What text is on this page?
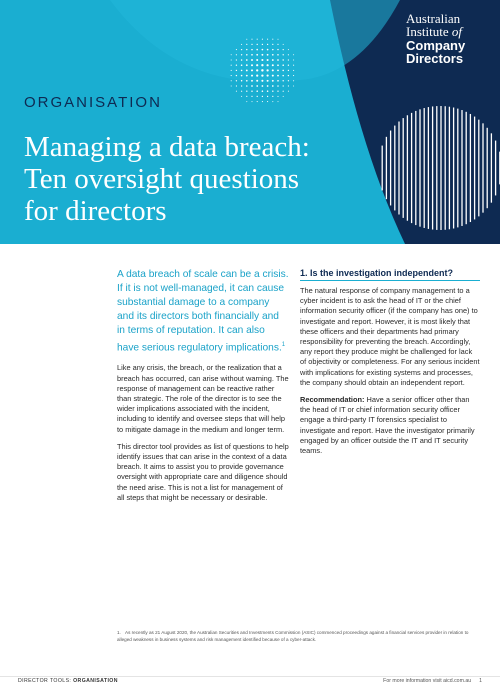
Australian
Institute of
Company
Directors
ORGANISATION
Managing a data breach:
Ten oversight questions
for directors

A data breach of scale can be a crisis. If it is not well-managed, it can cause substantial damage to a company and its directors both financially and in terms of reputation. It can also have serious regulatory implications.$^1$

Like any crisis, the breach, or the realization that a breach has occurred, can arise without warning. The response of management can be reactive rather than strategic. The role of the director is to see the wider implications associated with the incident, including to identify and oversee steps that will help to mitigate damage in the medium and longer term.

This director tool provides as list of questions to help identify issues that can arise in the context of a data breach. It aims to assist you to provide governance oversight with appropriate care and diligence should the need arise. This is not a list for management of all steps that might be necessary or desirable.

1. Is the investigation independent?

The natural response of company management to a cyber incident is to ask the head of IT or the chief information security officer (if the company has one) to investigate and report. However, it is most likely that these officers and their departments had primary responsibility for preventing the breach. Accordingly, any report they produce might be challenged for lack of objectivity or completeness. For any serious incident with implications for existing systems and processes, the company should obtain an independent report.

Recommendation: Have a senior officer other than the head of IT or chief information security officer engage a third-party IT forensics specialist to investigate and report. Have the investigator primarily engaged by an officer outside the IT and IT security teams.

1. As recently as 21 August 2020, the Australian Securities and Investments Commission (ASIC) commenced proceedings against a financial services provider in relation to alleged weakness in business systems and risk management identified because of a cyber-attack.
DIRECTOR TOOLS: ORGANISATION	For more information visit aicd.com.au 1
